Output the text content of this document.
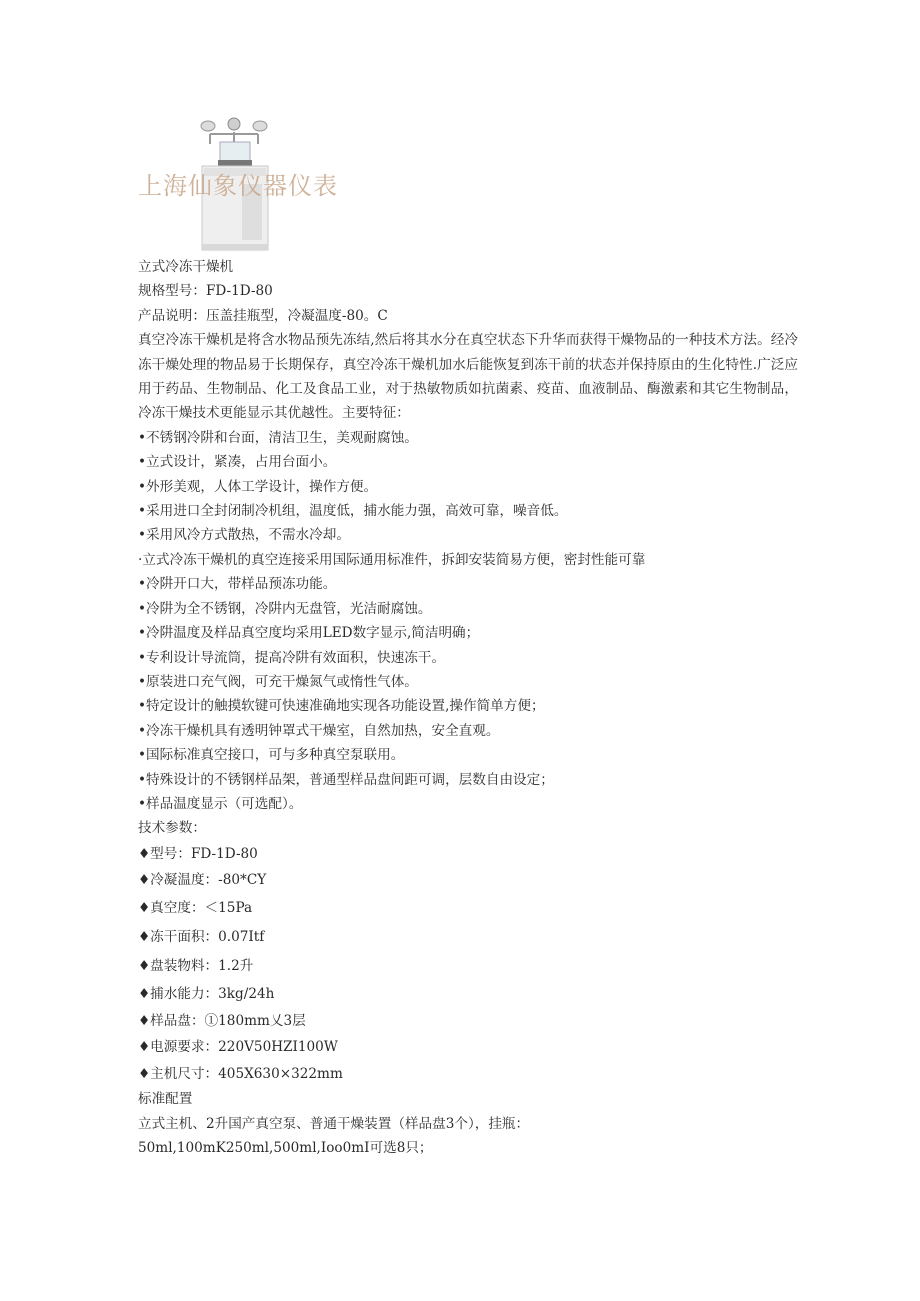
上海仙象仪器仪表
立式冷冻干燥机
规格型号：FD-1D-80
产品说明：压盖挂瓶型，冷凝温度-80。C
真空冷冻干燥机是将含水物品预先冻结,然后将其水分在真空状态下升华而获得干燥物品的一种技术方法。经冷冻干燥处理的物品易于长期保存，真空冷冻干燥机加水后能恢复到冻干前的状态并保持原由的生化特性.广泛应用于药品、生物制品、化工及食品工业，对于热敏物质如抗菌素、疫苗、血液制品、酶激素和其它生物制品，冷冻干燥技术更能显示其优越性。主要特征：
•不锈钢冷阱和台面，清洁卫生，美观耐腐蚀。
•立式设计，紧凑，占用台面小。
•外形美观，人体工学设计，操作方便。
•采用进口全封闭制冷机组，温度低，捕水能力强，高效可靠，噪音低。
•采用风冷方式散热，不需水冷却。
·立式冷冻干燥机的真空连接采用国际通用标准件，拆卸安装简易方便，密封性能可靠
•冷阱开口大，带样品预冻功能。
•冷阱为全不锈钢，冷阱内无盘管，光洁耐腐蚀。
•冷阱温度及样品真空度均采用LED数字显示,简洁明确；
•专利设计导流筒，提高冷阱有效面积，快速冻干。
•原装进口充气阀，可充干燥氮气或惰性气体。
•特定设计的触摸软键可快速准确地实现各功能设置,操作简单方便；
•冷冻干燥机具有透明钟罩式干燥室，自然加热，安全直观。
•国际标准真空接口，可与多种真空泵联用。
•特殊设计的不锈钢样品架，普通型样品盘间距可调，层数自由设定；
•样品温度显示（可选配）。
技术参数：
♦型号：FD-1D-80
♦冷凝温度：-80*CY
♦真空度：＜15Pa
♦冻干面积：0.07Itf
♦盘装物料：1.2升
♦捕水能力：3kg/24h
♦样品盘：①180mm乂3层
♦电源要求：220V50HZI100W
♦主机尺寸：405X630×322mm
标准配置
立式主机、2升国产真空泵、普通干燥装置（样品盘3个），挂瓶：
50ml,100mK250ml,500ml,Ioo0mI可选8只；
